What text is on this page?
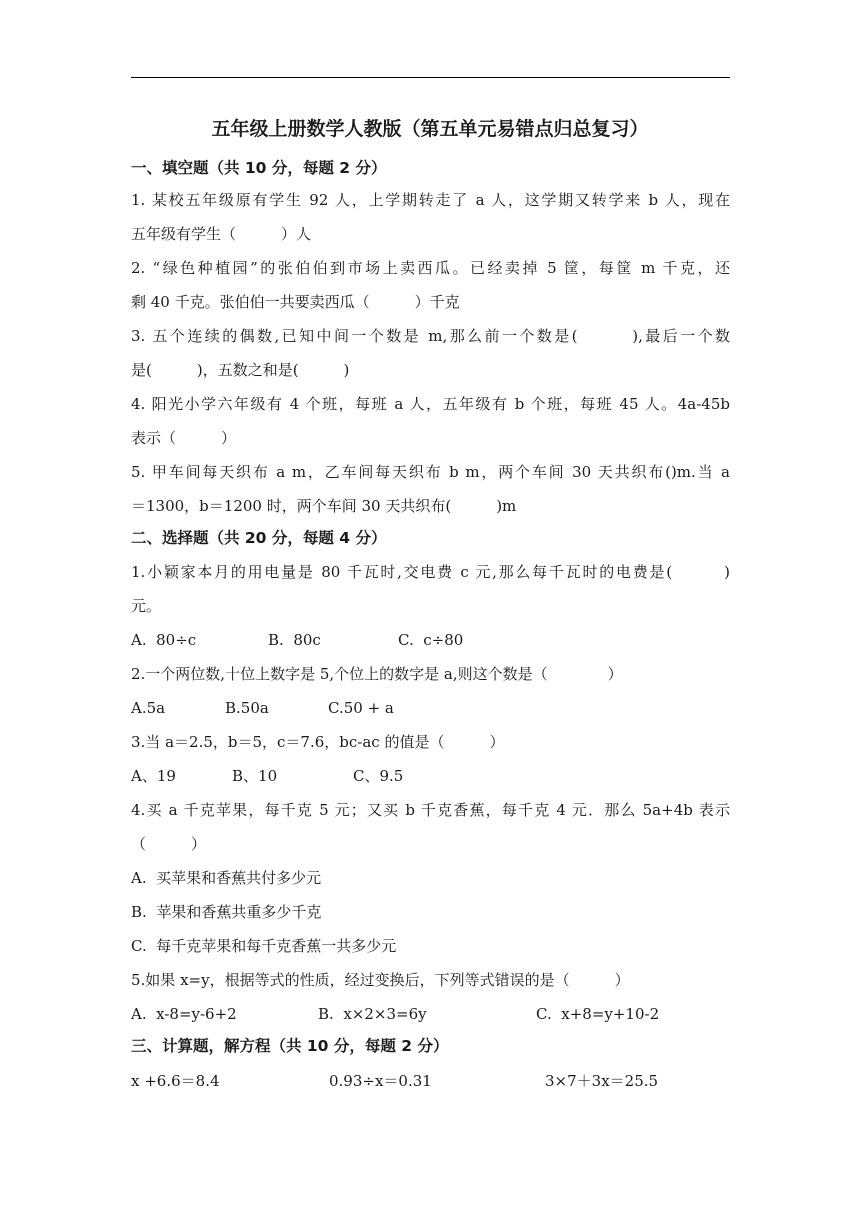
五年级上册数学人教版（第五单元易错点归总复习）
一、填空题（共 10 分，每题 2 分）
1. 某校五年级原有学生 92 人，上学期转走了 a 人，这学期又转学来 b 人，现在
五年级有学生（　　　）人
2. “绿色种植园”的张伯伯到市场上卖西瓜。已经卖掉 5 筐，每筐 m 千克，还
剩 40 千克。张伯伯一共要卖西瓜（　　　）千克
3. 五个连续的偶数,已知中间一个数是 m,那么前一个数是(　　　),最后一个数
是(　　　)，五数之和是(　　　)
4. 阳光小学六年级有 4 个班，每班 a 人，五年级有 b 个班，每班 45 人。4a-45b
表示（　　　）
5. 甲车间每天织布 a m，乙车间每天织布 b m，两个车间 30 天共织布()m.当 a
＝1300，b＝1200 时，两个车间 30 天共织布(　　　)m
二、选择题（共 20 分，每题 4 分）
1.小颖家本月的用电量是 80 千瓦时,交电费 c 元,那么每千瓦时的电费是(　　　)
元。
A.  80÷c	B.  80c	C.  c÷80
2.一个两位数,十位上数字是 5,个位上的数字是 a,则这个数是（　　　　）
A.5a	B.50a	C.50 + a
3.当 a＝2.5，b＝5，c＝7.6，bc-ac 的值是（　　　）
A、19	B、10	C、9.5
4.买 a 千克苹果，每千克 5 元；又买 b 千克香蕉，每千克 4 元．那么 5a+4b 表示
（　　　）
A.  买苹果和香蕉共付多少元
B.  苹果和香蕉共重多少千克
C.  每千克苹果和每千克香蕉一共多少元
5.如果 x=y，根据等式的性质，经过变换后，下列等式错误的是（　　　）
A.  x-8=y-6+2	B.  x×2×3=6y	C.  x+8=y+10-2
三、计算题，解方程（共 10 分，每题 2 分）
x +6.6＝8.4	0.93÷x＝0.31	3×7＋3x＝25.5
